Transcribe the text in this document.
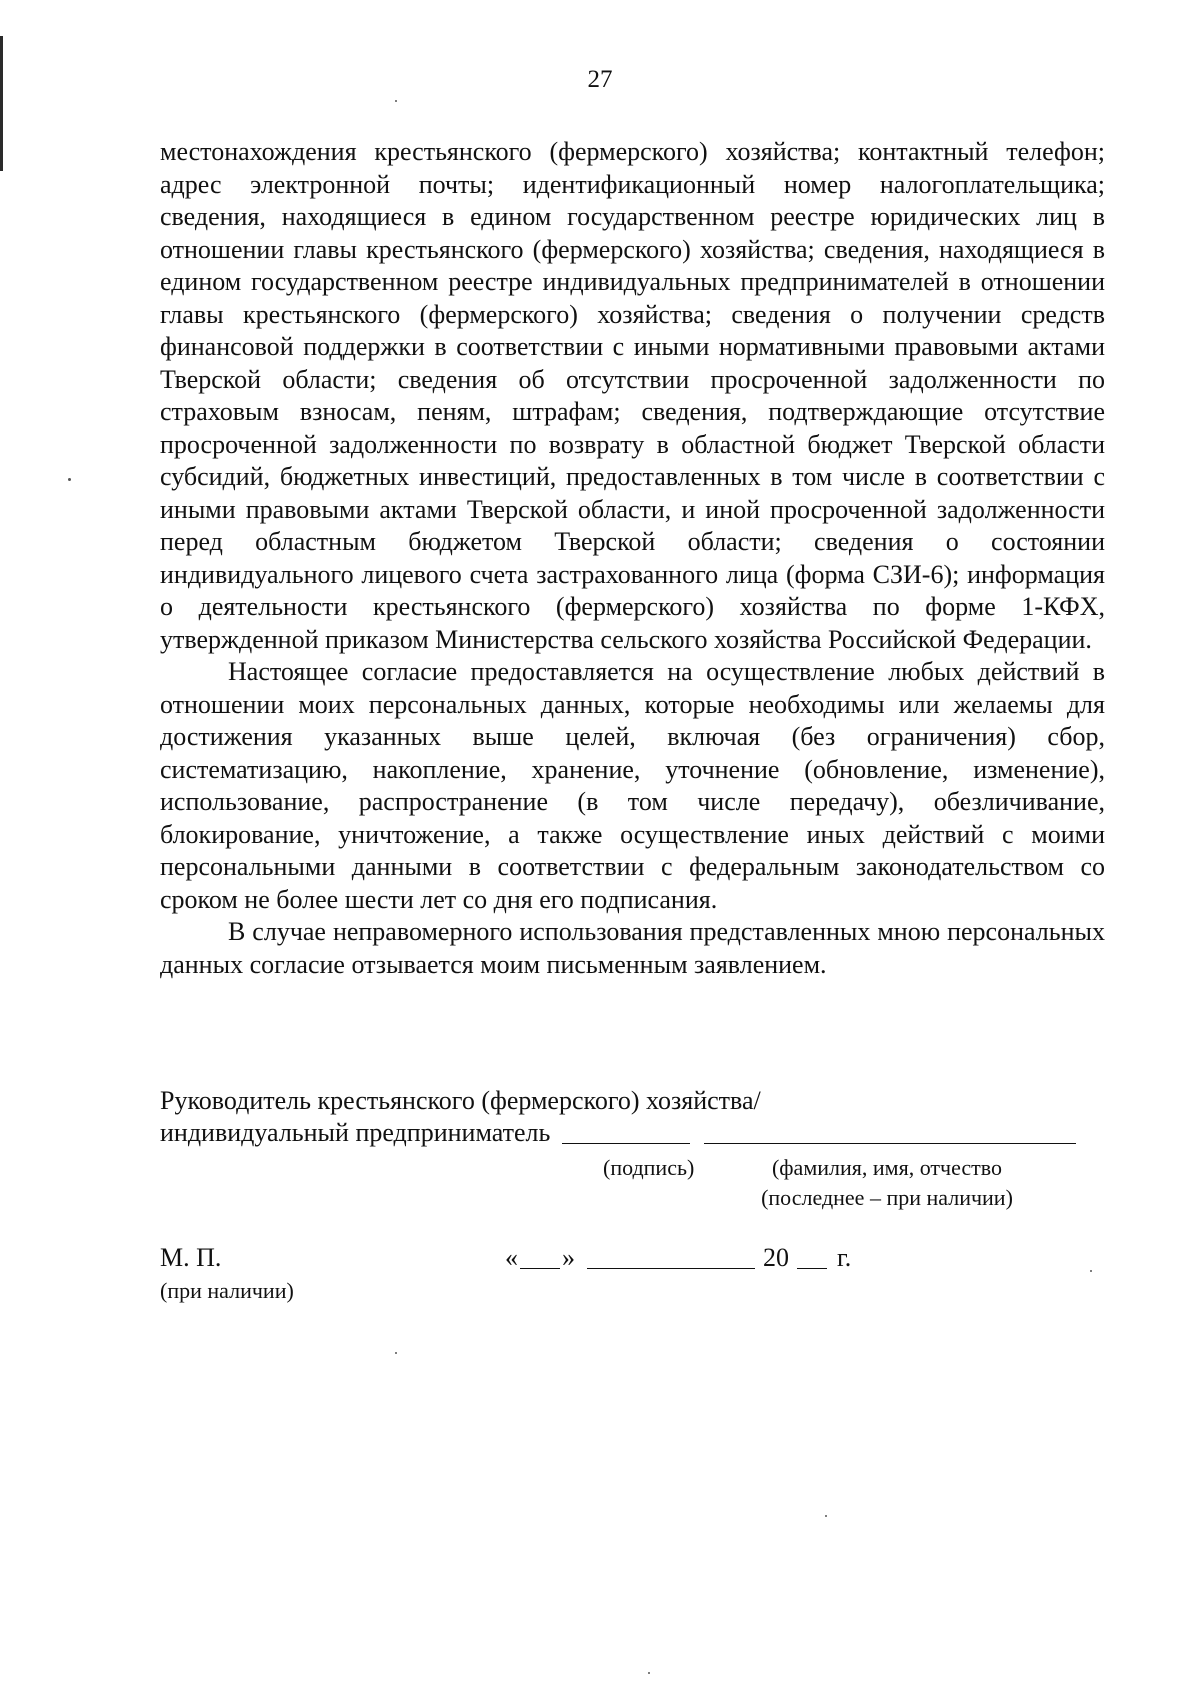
27

местонахождения крестьянского (фермерского) хозяйства; контактный телефон; адрес электронной почты; идентификационный номер налогоплательщика; сведения, находящиеся в едином государственном реестре юридических лиц в отношении главы крестьянского (фермерского) хозяйства; сведения, находящиеся в едином государственном реестре индивидуальных предпринимателей в отношении главы крестьянского (фермерского) хозяйства; сведения о получении средств финансовой поддержки в соответствии с иными нормативными правовыми актами Тверской области; сведения об отсутствии просроченной задолженности по страховым взносам, пеням, штрафам; сведения, подтверждающие отсутствие просроченной задолженности по возврату в областной бюджет Тверской области субсидий, бюджетных инвестиций, предоставленных в том числе в соответствии с иными правовыми актами Тверской области, и иной просроченной задолженности перед областным бюджетом Тверской области; сведения о состоянии индивидуального лицевого счета застрахованного лица (форма СЗИ-6); информация о деятельности крестьянского (фермерского) хозяйства по форме 1-КФХ, утвержденной приказом Министерства сельского хозяйства Российской Федерации.

Настоящее согласие предоставляется на осуществление любых действий в отношении моих персональных данных, которые необходимы или желаемы для достижения указанных выше целей, включая (без ограничения) сбор, систематизацию, накопление, хранение, уточнение (обновление, изменение), использование, распространение (в том числе передачу), обезличивание, блокирование, уничтожение, а также осуществление иных действий с моими персональными данными в соответствии с федеральным законодательством со сроком не более шести лет со дня его подписания.

В случае неправомерного использования представленных мною персональных данных согласие отзывается моим письменным заявлением.

Руководитель крестьянского (фермерского) хозяйства/
индивидуальный предприниматель
(подпись)	(фамилия, имя, отчество
(последнее – при наличии)
М. П.
(при наличии)
« »	20 г.
